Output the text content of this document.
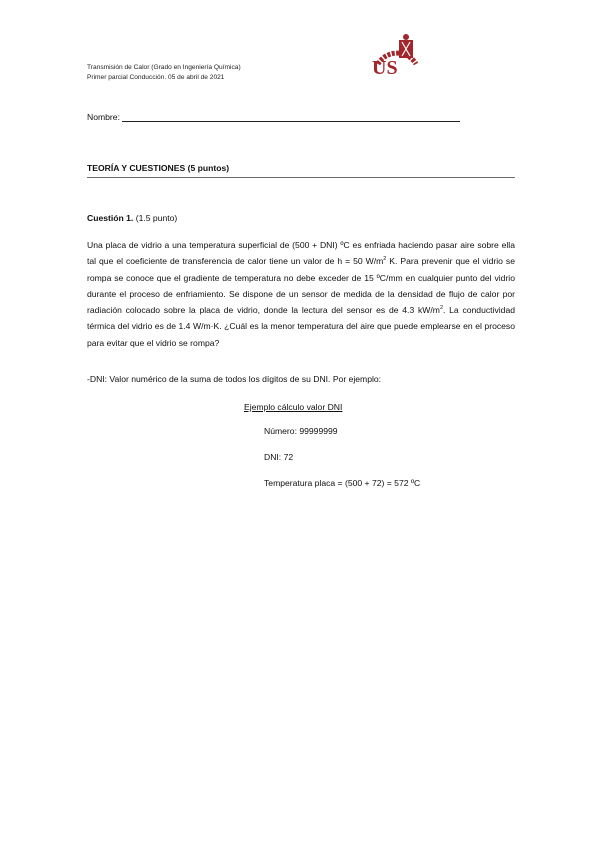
Transmisión de Calor (Grado en Ingeniería Química)
Primer parcial Conducción. 05 de abril de 2021	US
Nombre:
TEORÍA Y CUESTIONES (5 puntos)
Cuestión 1. (1.5 punto)
Una placa de vidrio a una temperatura superficial de (500 + DNI) ºC es enfriada haciendo pasar aire sobre ella tal que el coeficiente de transferencia de calor tiene un valor de h = 50 $W/m^2$ K. Para prevenir que el vidrio se rompa se conoce que el gradiente de temperatura no debe exceder de 15 ºC/mm en cualquier punto del vidrio durante el proceso de enfriamiento. Se dispone de un sensor de medida de la densidad de flujo de calor por radiación colocado sobre la placa de vidrio, donde la lectura del sensor es de 4.3 $kW/m^2$. La conductividad térmica del vidrio es de 1.4 W/m·K. ¿Cuál es la menor temperatura del aire que puede emplearse en el proceso para evitar que el vidrio se rompa?
-DNI: Valor numérico de la suma de todos los dígitos de su DNI. Por ejemplo:
Ejemplo cálculo valor DNI
Número: 99999999
DNI: 72
Temperatura placa = (500 + 72) = 572 ºC
